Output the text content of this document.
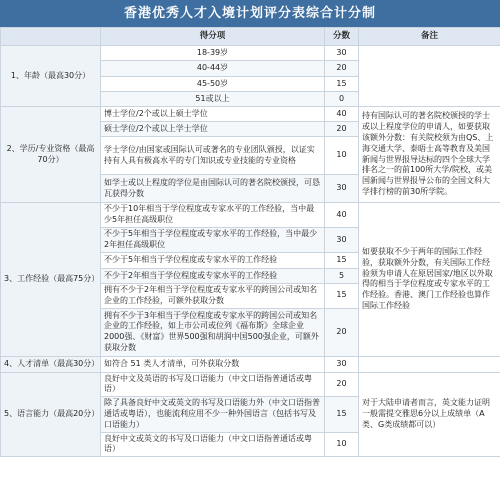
香港优秀人才入境计划评分表综合计分制
	得分项	分数	备注
1、年龄（最高30分）	18-39岁	30	
	40-44岁	20	
	45-50岁	15	
	51或以上	0	
2、学历/专业资格（最高70分）	博士学位/2个或以上硕士学位	40	持有国际认可的著名院校颁授的学士或以上程度学位的申请人，如要获取该额外分数：有关院校须为由QS、上海交通大学、泰晤士高等教育及美国新闻与世界报导达标的四个全球大学排名之一的前100所大学/院校，或美国新闻与世界报导公布的全国文科大学排行榜的前30所学院。
	硕士学位/2个或以上学士学位	20	
	学士学位/由国家或国际认可或著名的专业团队颁授，以证实持有人具有极高水平的专门知识或专业技能的专业资格	10	
	如学士或以上程度的学位是由国际认可的著名院校颁授，可恳瓦获得分数	30	
3、工作经验（最高75分）	不少于10年相当于学位程度或专家水平的工作经验，当中最少5年担任高级职位	40	如要获取不少于两年的国际工作经验，获取额外分数，有关国际工作经验须为申请人在原居国家/地区以外取得的相当于学位程度或专家水平的工作经验。香港、澳门工作经验也算作国际工作经验
	不少于5年相当于学位程度或专家水平的工作经验，当中最少2年担任高级职位	30	
	不少于5年相当于学位程度或专家水平的工作经验	15	
	不少于2年相当于学位程度或专家水平的工作经验	5	
	拥有不少于2年相当于学位程度或专家水平的跨国公司或知名企业的工作经验，可额外获取分数	15	
	拥有不少于3年相当于学位程度或专家水平的跨国公司或知名企业的工作经验，如上市公司或位列《福布斯》全球企业2000强、《财富》世界500强和胡润中国500强企业，可额外获取分数	20	
4、人才清单（最高30分）	如符合 51 类人才清单，可外获取分数	30	
5、语言能力（最高20分）	良好中文及英语的书写及口语能力（中文口语指普通话或粤语）	20	对于大陆申请者而言，英文能力证明一般需提交雅思6分以上成绩单（A类、G类成绩都可以）
	除了具备良好中文或英文的书写及口语能力外（中文口语指普通话或粤语），也能流利应用不少一种外国语言（包括书写及口语能力）	15	
	良好中文或英文的书写及口语能力（中文口语指普通话或粤语）	10	
